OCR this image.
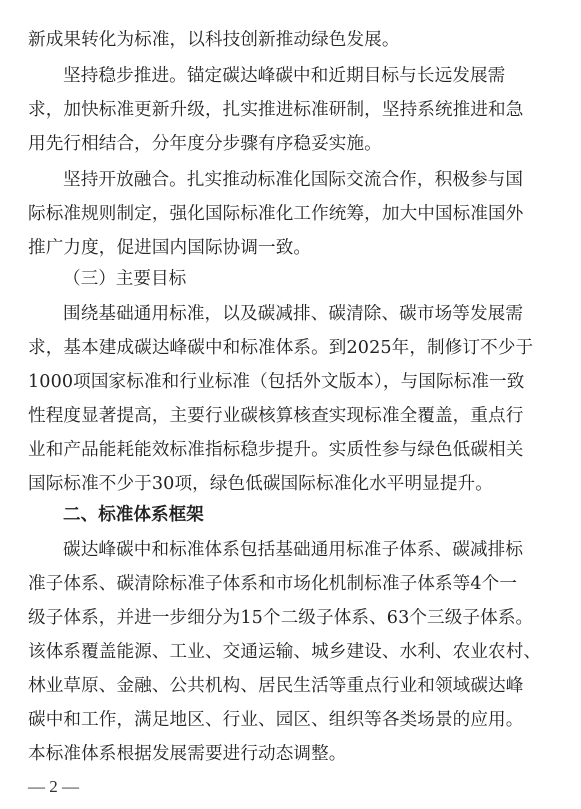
新成果转化为标准，以科技创新推动绿色发展。
坚持稳步推进。锚定碳达峰碳中和近期目标与长远发展需
求，加快标准更新升级，扎实推进标准研制，坚持系统推进和急
用先行相结合，分年度分步骤有序稳妥实施。
坚持开放融合。扎实推动标准化国际交流合作，积极参与国
际标准规则制定，强化国际标准化工作统筹，加大中国标准国外
推广力度，促进国内国际协调一致。
（三）主要目标
围绕基础通用标准，以及碳减排、碳清除、碳市场等发展需
求，基本建成碳达峰碳中和标准体系。到2025年，制修订不少于
1000项国家标准和行业标准（包括外文版本），与国际标准一致
性程度显著提高，主要行业碳核算核查实现标准全覆盖，重点行
业和产品能耗能效标准指标稳步提升。实质性参与绿色低碳相关
国际标准不少于30项，绿色低碳国际标准化水平明显提升。
二、标准体系框架
碳达峰碳中和标准体系包括基础通用标准子体系、碳减排标
准子体系、碳清除标准子体系和市场化机制标准子体系等4个一
级子体系，并进一步细分为15个二级子体系、63个三级子体系。
该体系覆盖能源、工业、交通运输、城乡建设、水利、农业农村、
林业草原、金融、公共机构、居民生活等重点行业和领域碳达峰
碳中和工作，满足地区、行业、园区、组织等各类场景的应用。
本标准体系根据发展需要进行动态调整。
— 2 —
